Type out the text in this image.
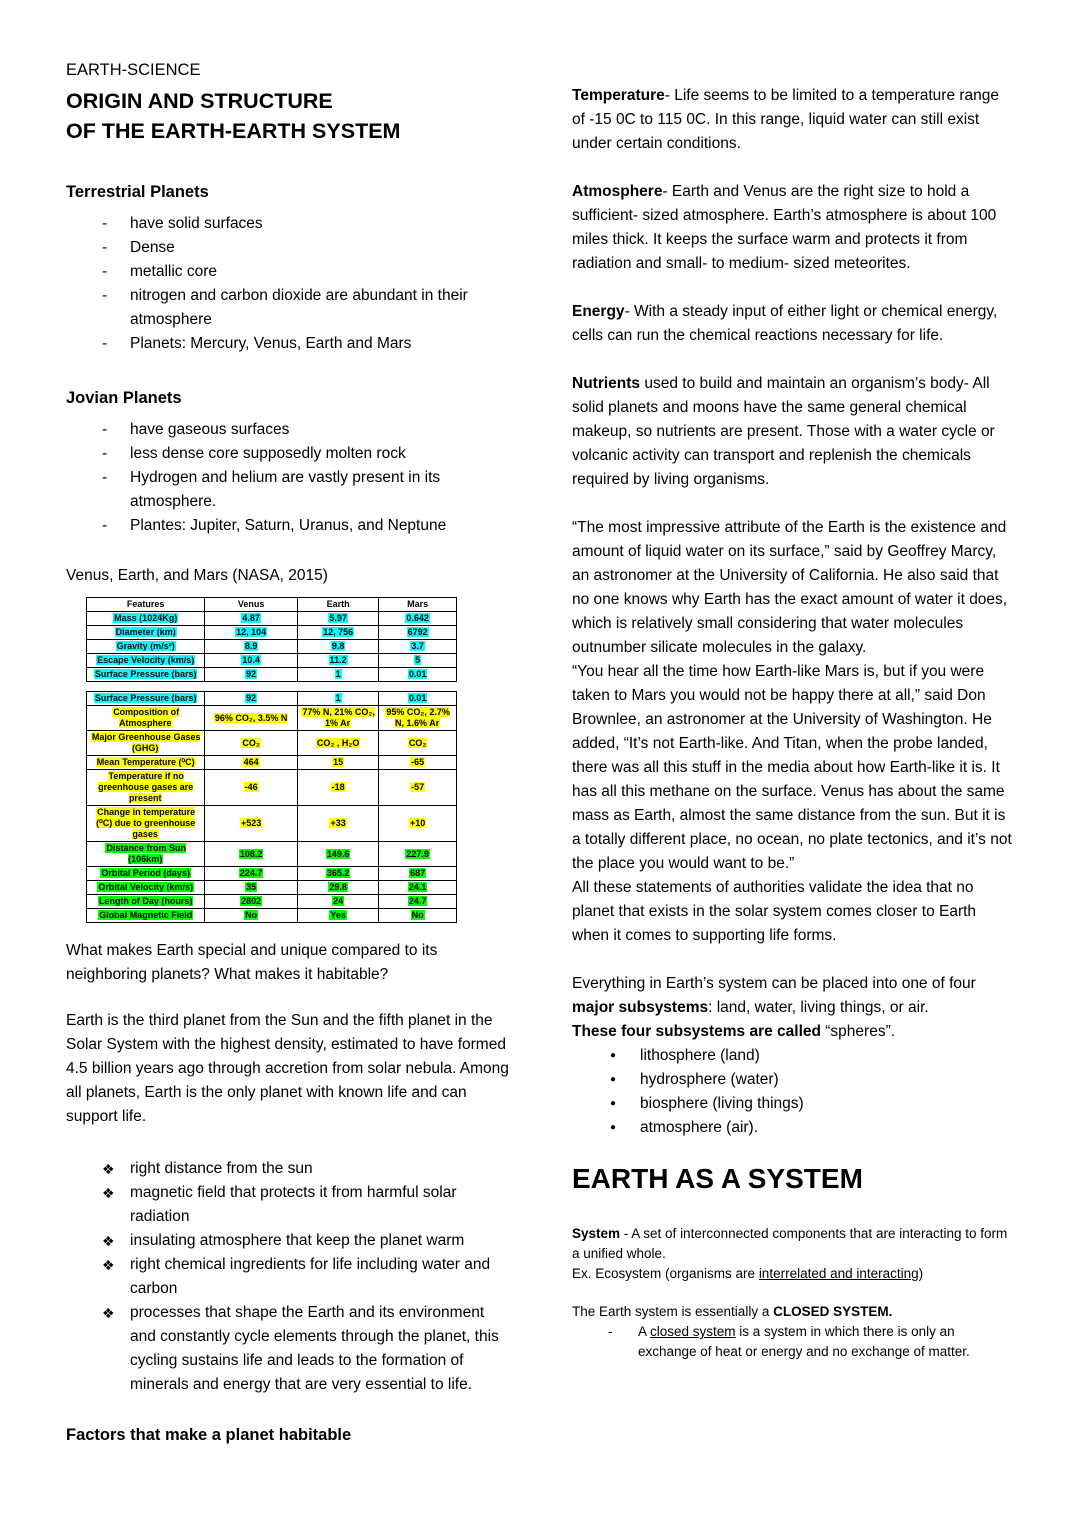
EARTH-SCIENCE

ORIGIN AND STRUCTURE

OF THE EARTH-EARTH SYSTEM

Terrestrial Planets

-	have solid surfaces
-	Dense
-	metallic core
-	nitrogen and carbon dioxide are abundant in their atmosphere
-	Planets: Mercury, Venus, Earth and Mars

Jovian Planets

-	have gaseous surfaces
-	less dense core supposedly molten rock
-	Hydrogen and helium are vastly present in its atmosphere.
-	Plantes: Jupiter, Saturn, Uranus, and Neptune

Venus, Earth, and Mars (NASA, 2015)

Features	Venus	Earth	Mars
Mass (1024Kg)	4.87	5.97	0.642
Diameter (km)	12, 104	12, 756	6792
Gravity (m/s²)	8.9	9.8	3.7
Escape Velocity (km/s)	10.4	11.2	5
Surface Pressure (bars)	92	1	0.01
Surface Pressure (bars)	92	1	0.01
Composition of Atmosphere	96% CO₂, 3.5% N	77% N, 21% CO₂, 1% Ar	95% CO₂, 2.7% N, 1.6% Ar
Major Greenhouse Gases (GHG)	CO₂	CO₂ , H₂O	CO₂
Mean Temperature (⁰C)	464	15	-65
Temperature if no greenhouse gases are present	-46	-18	-57
Change in temperature (⁰C) due to greenhouse gases	+523	+33	+10
Distance from Sun (106km)	108.2	149.6	227.9
Orbital Period (days)	224.7	365.2	687
Orbital Velocity (km/s)	35	29.8	24.1
Length of Day (hours)	2802	24	24.7
Global Magnetic Field	No	Yes	No

What makes Earth special and unique compared to its neighboring planets? What makes it habitable?

Earth is the third planet from the Sun and the fifth planet in the Solar System with the highest density, estimated to have formed 4.5 billion years ago through accretion from solar nebula. Among all planets, Earth is the only planet with known life and can support life.

❖ right distance from the sun
❖ magnetic field that protects it from harmful solar radiation
❖ insulating atmosphere that keep the planet warm
❖ right chemical ingredients for life including water and carbon
❖ processes that shape the Earth and its environment and constantly cycle elements through the planet, this cycling sustains life and leads to the formation of minerals and energy that are very essential to life.

Factors that make a planet habitable

Temperature- Life seems to be limited to a temperature range of -15 0C to 115 0C. In this range, liquid water can still exist under certain conditions.

Atmosphere- Earth and Venus are the right size to hold a sufficient- sized atmosphere. Earth’s atmosphere is about 100 miles thick. It keeps the surface warm and protects it from radiation and small- to medium- sized meteorites.

Energy- With a steady input of either light or chemical energy, cells can run the chemical reactions necessary for life.

Nutrients used to build and maintain an organism’s body- All solid planets and moons have the same general chemical makeup, so nutrients are present. Those with a water cycle or volcanic activity can transport and replenish the chemicals required by living organisms.

“The most impressive attribute of the Earth is the existence and amount of liquid water on its surface,” said by Geoffrey Marcy, an astronomer at the University of California. He also said that no one knows why Earth has the exact amount of water it does, which is relatively small considering that water molecules outnumber silicate molecules in the galaxy.
“You hear all the time how Earth-like Mars is, but if you were taken to Mars you would not be happy there at all,” said Don Brownlee, an astronomer at the University of Washington. He added, “It’s not Earth-like. And Titan, when the probe landed, there was all this stuff in the media about how Earth-like it is. It has all this methane on the surface. Venus has about the same mass as Earth, almost the same distance from the sun. But it is a totally different place, no ocean, no plate tectonics, and it’s not the place you would want to be.”
All these statements of authorities validate the idea that no planet that exists in the solar system comes closer to Earth when it comes to supporting life forms.

Everything in Earth’s system can be placed into one of four major subsystems: land, water, living things, or air.

These four subsystems are called “spheres”.

●	lithosphere (land)
●	hydrosphere (water)
●	biosphere (living things)
●	atmosphere (air).

EARTH AS A SYSTEM

System - A set of interconnected components that are interacting to form a unified whole.

Ex. Ecosystem (organisms are interrelated and interacting)

The Earth system is essentially a CLOSED SYSTEM.

-	A closed system is a system in which there is only an exchange of heat or energy and no exchange of matter.
